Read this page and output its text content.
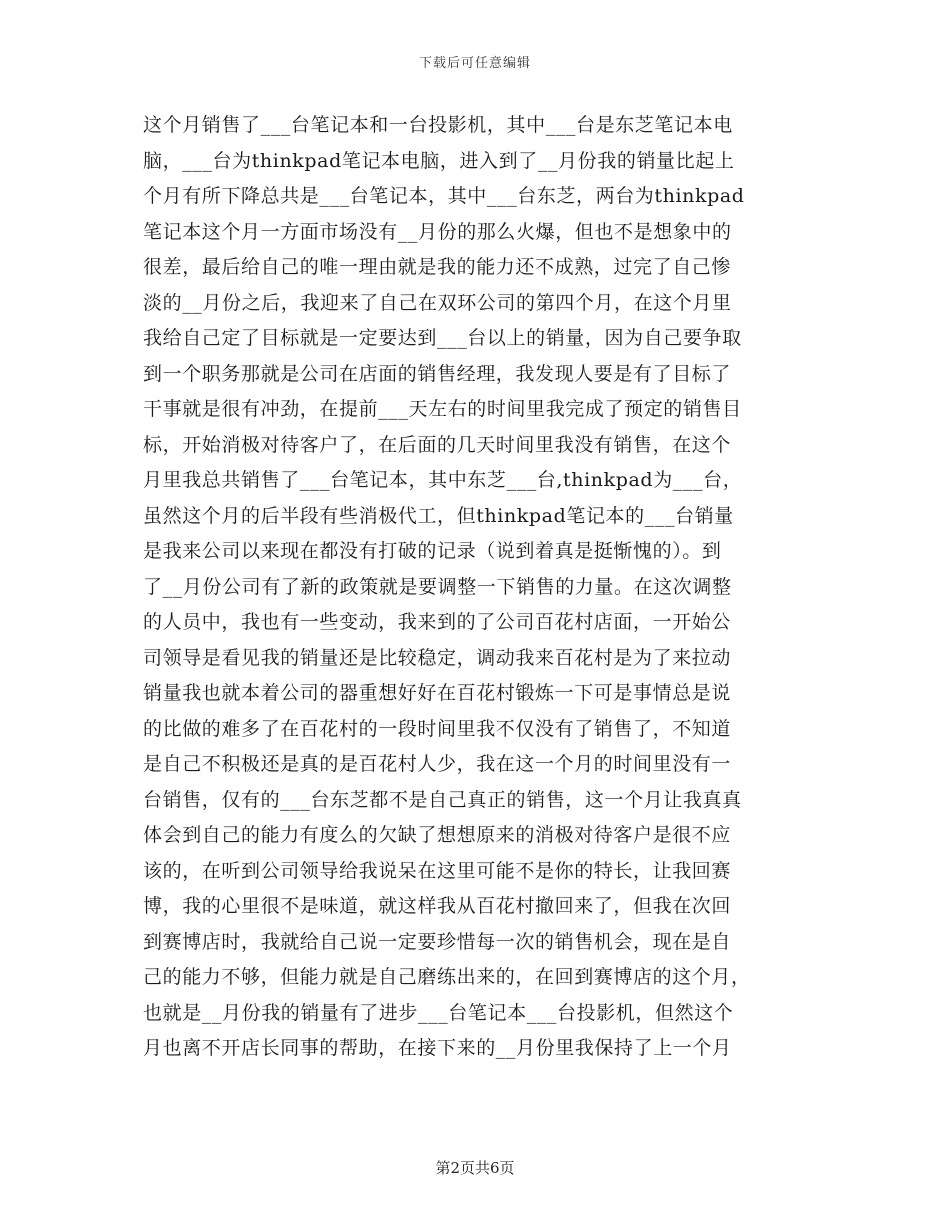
下载后可任意编辑
这个月销售了___台笔记本和一台投影机，其中___台是东芝笔记本电
脑，___台为thinkpad笔记本电脑，进入到了__月份我的销量比起上
个月有所下降总共是___台笔记本，其中___台东芝，两台为thinkpad
笔记本这个月一方面市场没有__月份的那么火爆，但也不是想象中的
很差，最后给自己的唯一理由就是我的能力还不成熟，过完了自己惨
淡的__月份之后，我迎来了自己在双环公司的第四个月，在这个月里
我给自己定了目标就是一定要达到___台以上的销量，因为自己要争取
到一个职务那就是公司在店面的销售经理，我发现人要是有了目标了
干事就是很有冲劲，在提前___天左右的时间里我完成了预定的销售目
标，开始消极对待客户了，在后面的几天时间里我没有销售，在这个
月里我总共销售了___台笔记本，其中东芝___台,thinkpad为___台，
虽然这个月的后半段有些消极代工，但thinkpad笔记本的___台销量
是我来公司以来现在都没有打破的记录（说到着真是挺惭愧的）。到
了__月份公司有了新的政策就是要调整一下销售的力量。在这次调整
的人员中，我也有一些变动，我来到的了公司百花村店面，一开始公
司领导是看见我的销量还是比较稳定，调动我来百花村是为了来拉动
销量我也就本着公司的器重想好好在百花村锻炼一下可是事情总是说
的比做的难多了在百花村的一段时间里我不仅没有了销售了，不知道
是自己不积极还是真的是百花村人少，我在这一个月的时间里没有一
台销售，仅有的___台东芝都不是自己真正的销售，这一个月让我真真
体会到自己的能力有度么的欠缺了想想原来的消极对待客户是很不应
该的，在听到公司领导给我说呆在这里可能不是你的特长，让我回赛
博，我的心里很不是味道，就这样我从百花村撤回来了，但我在次回
到赛博店时，我就给自己说一定要珍惜每一次的销售机会，现在是自
己的能力不够，但能力就是自己磨练出来的，在回到赛博店的这个月，
也就是__月份我的销量有了进步___台笔记本___台投影机，但然这个
月也离不开店长同事的帮助，在接下来的__月份里我保持了上一个月
第2页共6页
